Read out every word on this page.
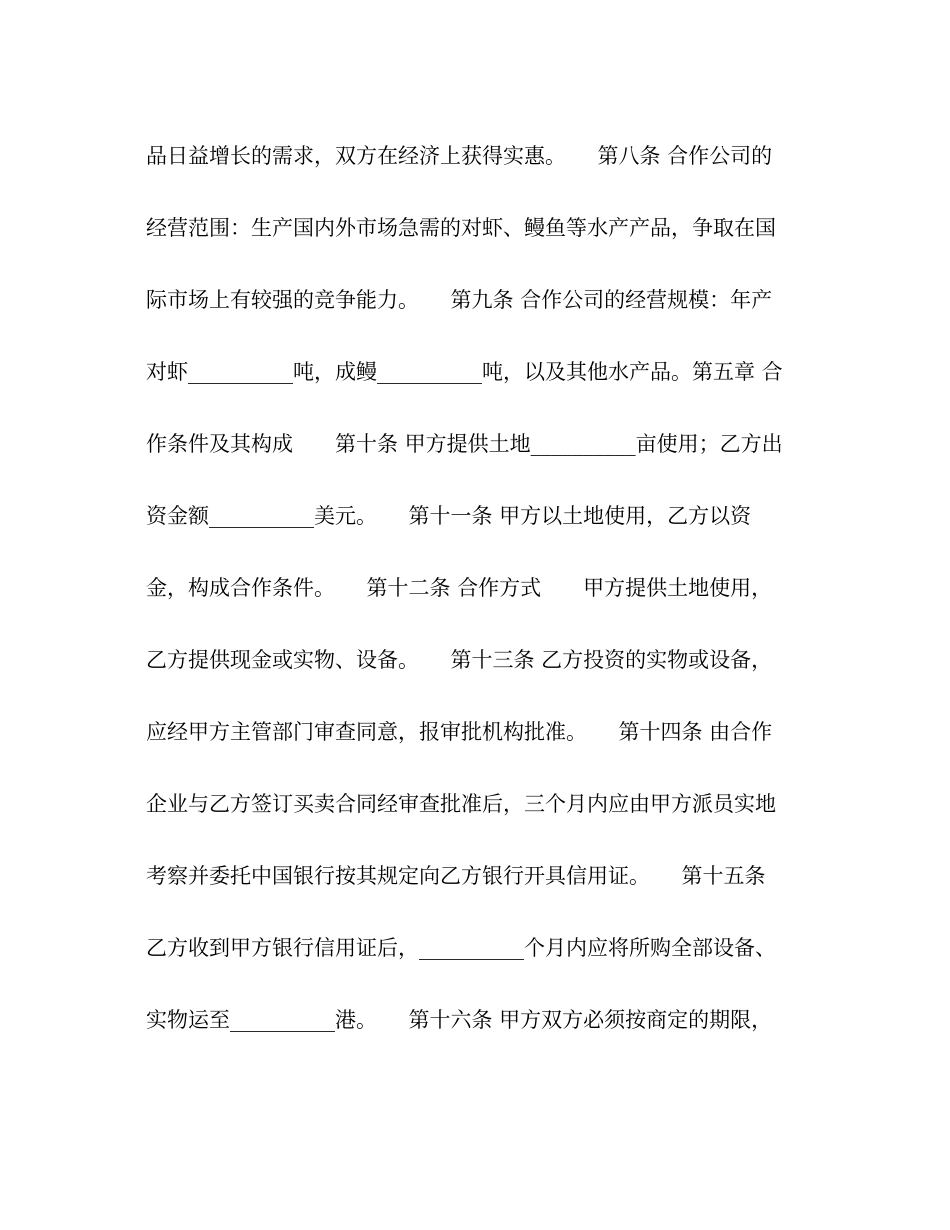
品日益增长的需求，双方在经济上获得实惠。　　第八条 合作公司的
经营范围：生产国内外市场急需的对虾、鳗鱼等水产产品，争取在国
际市场上有较强的竞争能力。　　第九条 合作公司的经营规模：年产
对虾__________吨，成鳗__________吨，以及其他水产品。第五章 合
作条件及其构成　　第十条 甲方提供土地__________亩使用；乙方出
资金额__________美元。　　第十一条 甲方以土地使用，乙方以资
金，构成合作条件。　　第十二条 合作方式　　甲方提供土地使用，
乙方提供现金或实物、设备。　　第十三条 乙方投资的实物或设备，
应经甲方主管部门审查同意，报审批机构批准。　　第十四条 由合作
企业与乙方签订买卖合同经审查批准后，三个月内应由甲方派员实地
考察并委托中国银行按其规定向乙方银行开具信用证。　　第十五条
乙方收到甲方银行信用证后，__________个月内应将所购全部设备、
实物运至__________港。　　第十六条 甲方双方必须按商定的期限，
